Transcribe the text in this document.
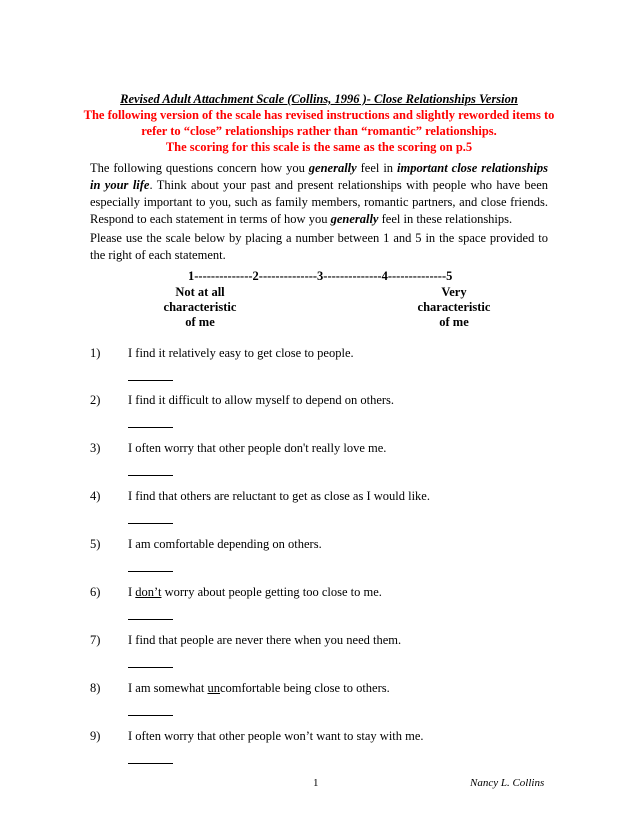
Revised Adult Attachment Scale (Collins, 1996 )- Close Relationships Version
The following version of the scale has revised instructions and slightly reworded items to
refer to “close” relationships rather than “romantic” relationships.
The scoring for this scale is the same as the scoring on p.5
The following questions concern how you generally feel in important close relationships in your life. Think about your past and present relationships with people who have been especially important to you, such as family members, romantic partners, and close friends. Respond to each statement in terms of how you generally feel in these relationships.
Please use the scale below by placing a number between 1 and 5 in the space provided to the right of each statement.
1--------------2--------------3--------------4--------------5
Not at all
characteristic
of me
Very
characteristic
of me
1) I find it relatively easy to get close to people.
2) I find it difficult to allow myself to depend on others.
3) I often worry that other people don't really love me.
4) I find that others are reluctant to get as close as I would like.
5) I am comfortable depending on others.
6) I don’t worry about people getting too close to me.
7) I find that people are never there when you need them.
8) I am somewhat uncomfortable being close to others.
9) I often worry that other people won’t want to stay with me.
1	Nancy L. Collins
